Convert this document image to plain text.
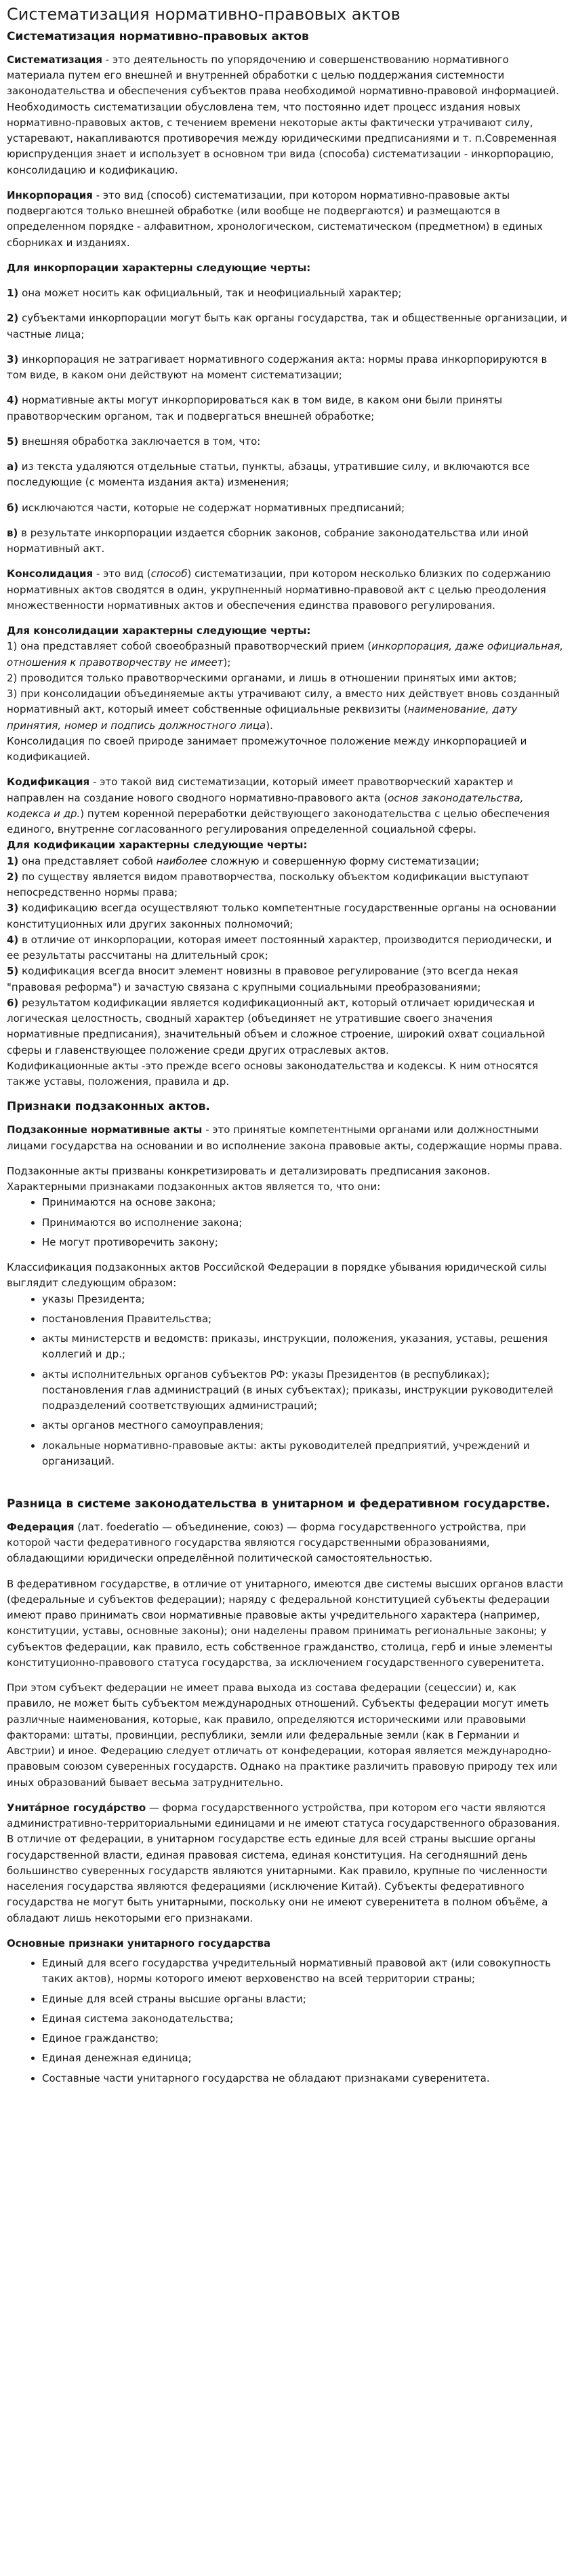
Систематизация нормативно-правовых актов
Систематизация нормативно-правовых актов

Систематизация - это деятельность по упорядочению и совершенствованию нормативного материала путем его внешней и внутренней обработки с целью поддержания системности законодательства и обеспечения субъектов права необходимой нормативно-правовой информацией.

Необходимость систематизации обусловлена тем, что постоянно идет процесс издания новых нормативно-правовых актов, с течением времени некоторые акты фактически утрачивают силу, устаревают, накапливаются противоречия между юридическими предписаниями и т. п.Современная юриспруденция знает и использует в основном три вида (способа) систематизации - инкорпорацию, консолидацию и кодификацию.

Инкорпорация - это вид (способ) систематизации, при котором нормативно-правовые акты подвергаются только внешней обработке (или вообще не подвергаются) и размещаются в определенном порядке - алфавитном, хронологическом, систематическом (предметном) в единых сборниках и изданиях.

Для инкорпорации характерны следующие черты:

1) она может носить как официальный, так и неофициальный характер;

2) субъектами инкорпорации могут быть как органы государства, так и общественные организации, и частные лица;

3) инкорпорация не затрагивает нормативного содержания акта: нормы права инкорпорируются в том виде, в каком они действуют на момент систематизации;

4) нормативные акты могут инкорпорироваться как в том виде, в каком они были приняты правотворческим органом, так и подвергаться внешней обработке;

5) внешняя обработка заключается в том, что:

а) из текста удаляются отдельные статьи, пункты, абзацы, утратившие силу, и включаются все последующие (с момента издания акта) изменения;

б) исключаются части, которые не содержат нормативных предписаний;

в) в результате инкорпорации издается сборник законов, собрание законодательства или иной нормативный акт.

Консолидация - это вид (способ) систематизации, при котором несколько близких по содержанию нормативных актов сводятся в один, укрупненный нормативно-правовой акт с целью преодоления множественности нормативных актов и обеспечения единства правового регулирования.

Для консолидации характерны следующие черты:

1) она представляет собой своеобразный правотворческий прием (инкорпорация, даже официальная, отношения к правотворчеству не имеет);

2) проводится только правотворческими органами, и лишь в отношении принятых ими актов;

3) при консолидации объединяемые акты утрачивают силу, а вместо них действует вновь созданный нормативный акт, который имеет собственные официальные реквизиты (наименование, дату принятия, номер и подпись должностного лица).

Консолидация по своей природе занимает промежуточное положение между инкорпорацией и кодификацией.

Кодификация - это такой вид систематизации, который имеет правотворческий характер и направлен на создание нового сводного нормативно-правового акта (основ законодательства, кодекса и др.) путем коренной переработки действующего законодательства с целью обеспечения единого, внутренне согласованного регулирования определенной социальной сферы.

Для кодификации характерны следующие черты:

1) она представляет собой наиболее сложную и совершенную форму систематизации;

2) по существу является видом правотворчества, поскольку объектом кодификации выступают непосредственно нормы права;

3) кодификацию всегда осуществляют только компетентные государственные органы на основании конституционных или других законных полномочий;

4) в отличие от инкорпорации, которая имеет постоянный характер, производится периодически, и ее результаты рассчитаны на длительный срок;

5) кодификация всегда вносит элемент новизны в правовое регулирование (это всегда некая "правовая реформа") и зачастую связана с крупными социальными преобразованиями;

6) результатом кодификации является кодификационный акт, который отличает юридическая и логическая целостность, сводный характер (объединяет не утратившие своего значения нормативные предписания), значительный объем и сложное строение, широкий охват социальной сферы и главенствующее положение среди других отраслевых актов.

Кодификационные акты -это прежде всего основы законодательства и кодексы. К ним относятся также уставы, положения, правила и др.

Признаки подзаконных актов.

Подзаконные нормативные акты - это принятые компетентными органами или должностными лицами государства на основании и во исполнение закона правовые акты, содержащие нормы права.

Подзаконные акты призваны конкретизировать и детализировать предписания законов. Характерными признаками подзаконных актов является то, что они:

• Принимаются на основе закона;
• Принимаются во исполнение закона;
• Не могут противоречить закону;

Классификация подзаконных актов Российской Федерации в порядке убывания юридической силы выглядит следующим образом:

• указы Президента;
• постановления Правительства;
• акты министерств и ведомств: приказы, инструкции, положения, указания, уставы, решения коллегий и др.;
• акты исполнительных органов субъектов РФ: указы Президентов (в республиках); постановления глав администраций (в иных субъектах); приказы, инструкции руководителей подразделений соответствующих администраций;
• акты органов местного самоуправления;
• локальные нормативно-правовые акты: акты руководителей предприятий, учреждений и организаций.
Разница в системе законодательства в унитарном и федеративном государстве.

Федерация (лат. foederatio — объединение, союз) — форма государственного устройства, при которой части федеративного государства являются государственными образованиями, обладающими юридически определённой политической самостоятельностью.

В федеративном государстве, в отличие от унитарного, имеются две системы высших органов власти (федеральные и субъектов федерации); наряду с федеральной конституцией субъекты федерации имеют право принимать свои нормативные правовые акты учредительного характера (например, конституции, уставы, основные законы); они наделены правом принимать региональные законы; у субъектов федерации, как правило, есть собственное гражданство, столица, герб и иные элементы конституционно-правового статуса государства, за исключением государственного суверенитета.

При этом субъект федерации не имеет права выхода из состава федерации (сецессии) и, как правило, не может быть субъектом международных отношений. Субъекты федерации могут иметь различные наименования, которые, как правило, определяются историческими или правовыми факторами: штаты, провинции, республики, земли или федеральные земли (как в Германии и Австрии) и иное. Федерацию следует отличать от конфедерации, которая является международно-правовым союзом суверенных государств. Однако на практике различить правовую природу тех или иных образований бывает весьма затруднительно.

Унита́рное госуда́рство — форма государственного устройства, при котором его части являются административно-территориальными единицами и не имеют статуса государственного образования. В отличие от федерации, в унитарном государстве есть единые для всей страны высшие органы государственной власти, единая правовая система, единая конституция. На сегодняшний день большинство суверенных государств являются унитарными. Как правило, крупные по численности населения государства являются федерациями (исключение Китай). Субъекты федеративного государства не могут быть унитарными, поскольку они не имеют суверенитета в полном объёме, а обладают лишь некоторыми его признаками.

Основные признаки унитарного государства

• Единый для всего государства учредительный нормативный правовой акт (или совокупность таких актов), нормы которого имеют верховенство на всей территории страны;
• Единые для всей страны высшие органы власти;
• Единая система законодательства;
• Единое гражданство;
• Единая денежная единица;
• Составные части унитарного государства не обладают признаками суверенитета.
